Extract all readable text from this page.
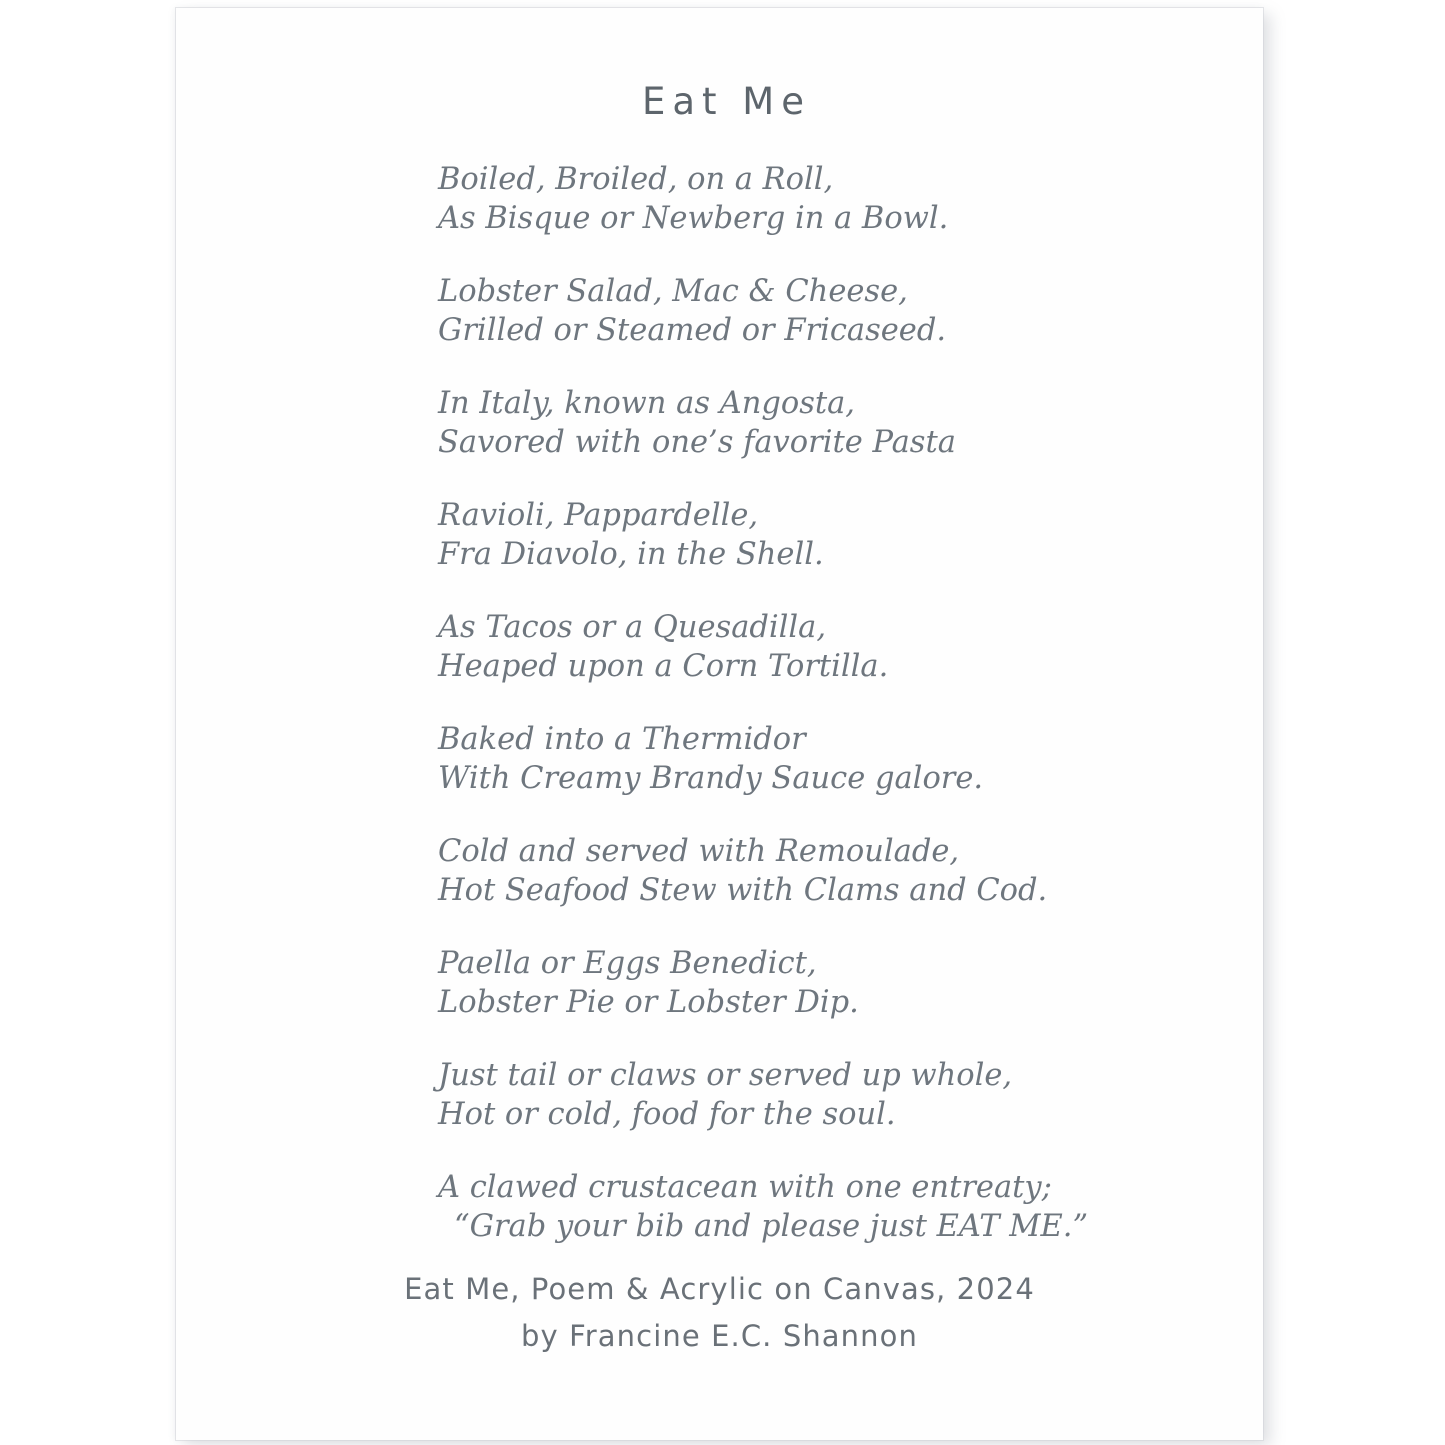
Eat Me
Boiled, Broiled, on a Roll,
As Bisque or Newberg in a Bowl.
Lobster Salad, Mac & Cheese,
Grilled or Steamed or Fricaseed.
In Italy, known as Angosta,
Savored with one’s favorite Pasta
Ravioli, Pappardelle,
Fra Diavolo, in the Shell.
As Tacos or a Quesadilla,
Heaped upon a Corn Tortilla.
Baked into a Thermidor
With Creamy Brandy Sauce galore.
Cold and served with Remoulade,
Hot Seafood Stew with Clams and Cod.
Paella or Eggs Benedict,
Lobster Pie or Lobster Dip.
Just tail or claws or served up whole,
Hot or cold, food for the soul.
A clawed crustacean with one entreaty;
“Grab your bib and please just EAT ME.”
Eat Me, Poem & Acrylic on Canvas, 2024
by Francine E.C. Shannon
